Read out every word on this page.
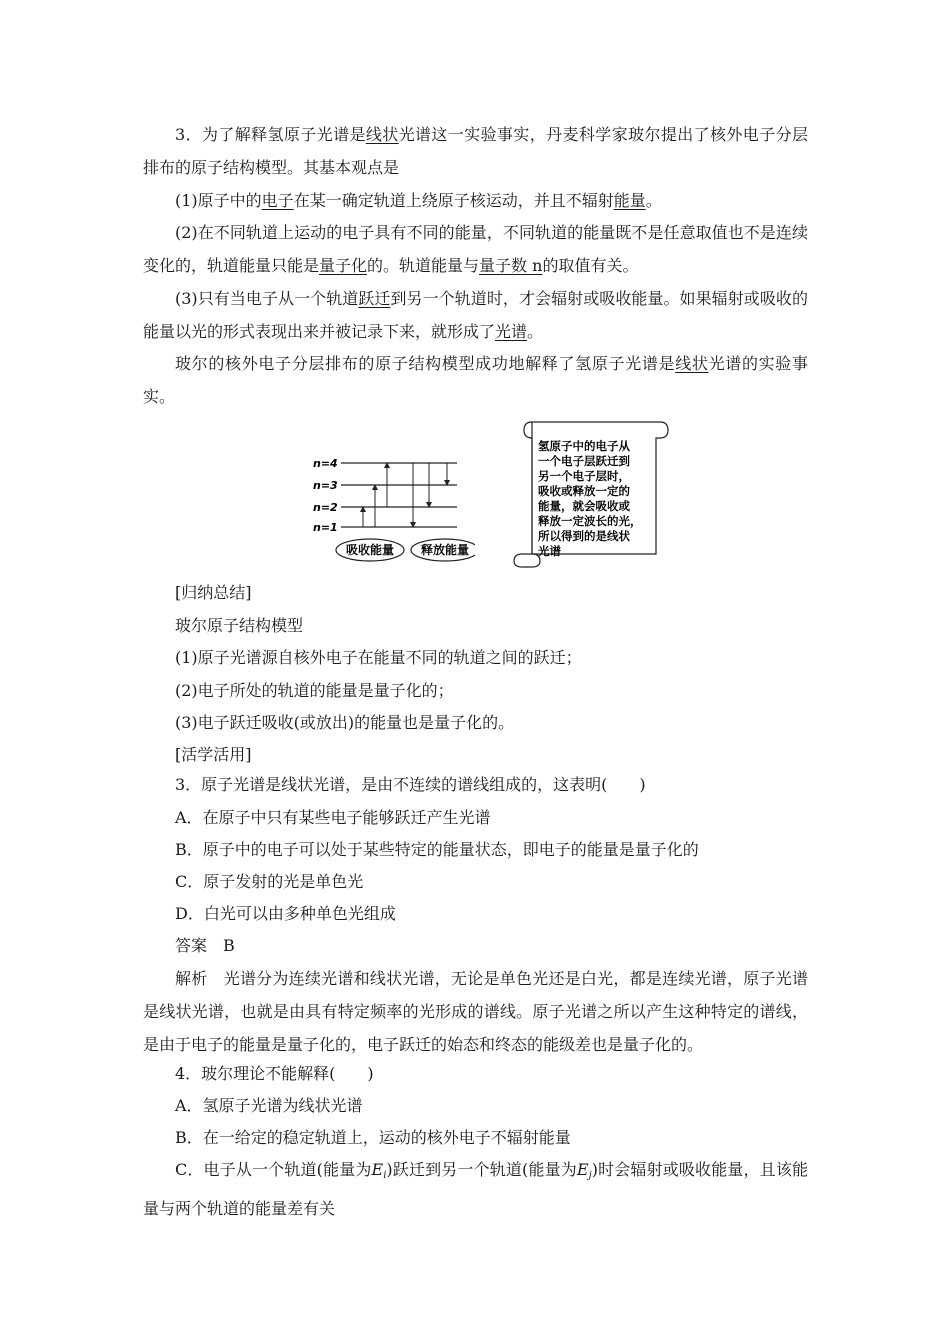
3．为了解释氢原子光谱是线状光谱这一实验事实，丹麦科学家玻尔提出了核外电子分层排布的原子结构模型。其基本观点是

(1)原子中的电子在某一确定轨道上绕原子核运动，并且不辐射能量。

(2)在不同轨道上运动的电子具有不同的能量，不同轨道的能量既不是任意取值也不是连续变化的，轨道能量只能是量子化的。轨道能量与量子数 n的取值有关。

(3)只有当电子从一个轨道跃迁到另一个轨道时，才会辐射或吸收能量。如果辐射或吸收的能量以光的形式表现出来并被记录下来，就形成了光谱。

玻尔的核外电子分层排布的原子结构模型成功地解释了氢原子光谱是线状光谱的实验事实。

n=4
n=3
n=2
n=1
吸收能量 释放能量
氢原子中的电子从
一个电子层跃迁到
另一个电子层时，
吸收或释放一定的
能量，就会吸收或
释放一定波长的光，
所以得到的是线状
光谱
[归纳总结]
玻尔原子结构模型
(1)原子光谱源自核外电子在能量不同的轨道之间的跃迁；
(2)电子所处的轨道的能量是量子化的；
(3)电子跃迁吸收(或放出)的能量也是量子化的。
[活学活用]
3．原子光谱是线状光谱，是由不连续的谱线组成的，这表明(　　)
A．在原子中只有某些电子能够跃迁产生光谱
B．原子中的电子可以处于某些特定的能量状态，即电子的能量是量子化的
C．原子发射的光是单色光
D．白光可以由多种单色光组成
答案　B

解析　光谱分为连续光谱和线状光谱，无论是单色光还是白光，都是连续光谱，原子光谱是线状光谱，也就是由具有特定频率的光形成的谱线。原子光谱之所以产生这种特定的谱线，是由于电子的能量是量子化的，电子跃迁的始态和终态的能级差也是量子化的。

4．玻尔理论不能解释(　　)
A．氢原子光谱为线状光谱
B．在一给定的稳定轨道上，运动的核外电子不辐射能量

C．电子从一个轨道(能量为$E_i$)跃迁到另一个轨道(能量为$E_j$)时会辐射或吸收能量，且该能量与两个轨道的能量差有关
